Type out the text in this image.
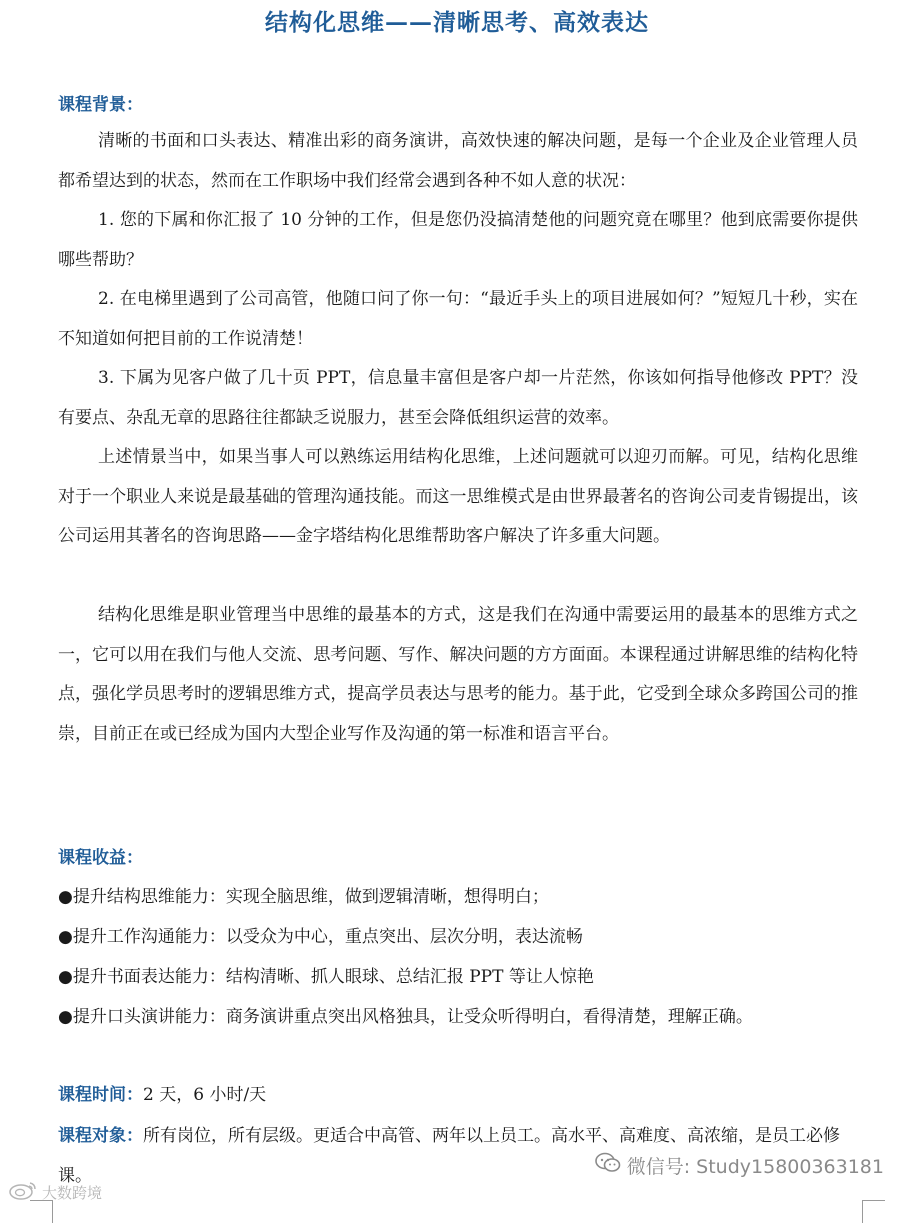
结构化思维——清晰思考、高效表达
课程背景：
清晰的书面和口头表达、精准出彩的商务演讲，高效快速的解决问题，是每一个企业及企业管理人员都希望达到的状态，然而在工作职场中我们经常会遇到各种不如人意的状况：
1. 您的下属和你汇报了 10 分钟的工作，但是您仍没搞清楚他的问题究竟在哪里？他到底需要你提供哪些帮助？
2. 在电梯里遇到了公司高管，他随口问了你一句：“最近手头上的项目进展如何？”短短几十秒，实在不知道如何把目前的工作说清楚！
3. 下属为见客户做了几十页 PPT，信息量丰富但是客户却一片茫然，你该如何指导他修改 PPT？没有要点、杂乱无章的思路往往都缺乏说服力，甚至会降低组织运营的效率。
上述情景当中，如果当事人可以熟练运用结构化思维，上述问题就可以迎刃而解。可见，结构化思维对于一个职业人来说是最基础的管理沟通技能。而这一思维模式是由世界最著名的咨询公司麦肯锡提出，该公司运用其著名的咨询思路——金字塔结构化思维帮助客户解决了许多重大问题。
结构化思维是职业管理当中思维的最基本的方式，这是我们在沟通中需要运用的最基本的思维方式之一，它可以用在我们与他人交流、思考问题、写作、解决问题的方方面面。本课程通过讲解思维的结构化特点，强化学员思考时的逻辑思维方式，提高学员表达与思考的能力。基于此，它受到全球众多跨国公司的推崇，目前正在或已经成为国内大型企业写作及沟通的第一标准和语言平台。
课程收益：
●提升结构思维能力：实现全脑思维，做到逻辑清晰，想得明白；
●提升工作沟通能力：以受众为中心，重点突出、层次分明，表达流畅
●提升书面表达能力：结构清晰、抓人眼球、总结汇报 PPT 等让人惊艳
●提升口头演讲能力：商务演讲重点突出风格独具，让受众听得明白，看得清楚，理解正确。
课程时间：2 天，6 小时/天
课程对象：所有岗位，所有层级。更适合中高管、两年以上员工。高水平、高难度、高浓缩，是员工必修课。	微信号: Study15800363181
大数跨境
